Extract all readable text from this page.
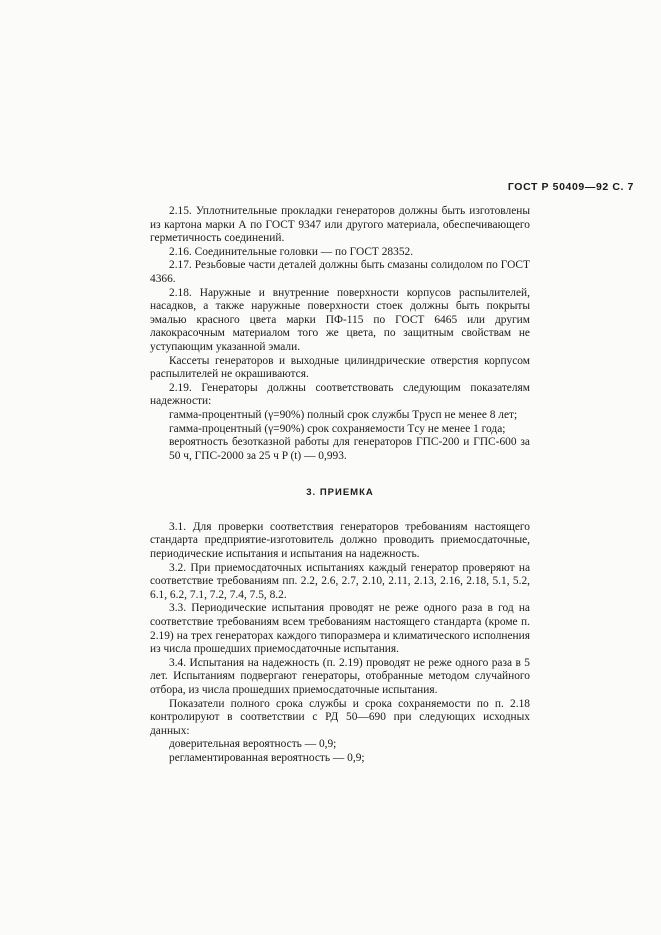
ГОСТ Р 50409—92 С. 7

2.15. Уплотнительные прокладки генераторов должны быть изготовлены из картона марки А по ГОСТ 9347 или другого материала, обеспечивающего герметичность соединений.

2.16. Соединительные головки — по ГОСТ 28352.

2.17. Резьбовые части деталей должны быть смазаны солидолом по ГОСТ 4366.

2.18. Наружные и внутренние поверхности корпусов распылителей, насадков, а также наружные поверхности стоек должны быть покрыты эмалью красного цвета марки ПФ-115 по ГОСТ 6465 или другим лакокрасочным материалом того же цвета, по защитным свойствам не уступающим указанной эмали.

Кассеты генераторов и выходные цилиндрические отверстия корпусом распылителей не окрашиваются.

2.19. Генераторы должны соответствовать следующим показателям надежности:

гамма-процентный (γ=90%) полный срок службы Tрусп не менее 8 лет;

гамма-процентный (γ=90%) срок сохраняемости Tсу не менее 1 года;

вероятность безотказной работы для генераторов ГПС-200 и ГПС-600 за 50 ч, ГПС-2000 за 25 ч P (t) — 0,993.

3. ПРИЕМКА

3.1. Для проверки соответствия генераторов требованиям настоящего стандарта предприятие-изготовитель должно проводить приемосдаточные, периодические испытания и испытания на надежность.

3.2. При приемосдаточных испытаниях каждый генератор проверяют на соответствие требованиям пп. 2.2, 2.6, 2.7, 2.10, 2.11, 2.13, 2.16, 2.18, 5.1, 5.2, 6.1, 6.2, 7.1, 7.2, 7.4, 7.5, 8.2.

3.3. Периодические испытания проводят не реже одного раза в год на соответствие требованиям всем требованиям настоящего стандарта (кроме п. 2.19) на трех генераторах каждого типоразмера и климатического исполнения из числа прошедших приемосдаточные испытания.

3.4. Испытания на надежность (п. 2.19) проводят не реже одного раза в 5 лет. Испытаниям подвергают генераторы, отобранные методом случайного отбора, из числа прошедших приемосдаточные испытания.

Показатели полного срока службы и срока сохраняемости по п. 2.18 контролируют в соответствии с РД 50—690 при следующих исходных данных:

доверительная вероятность — 0,9;

регламентированная вероятность — 0,9;
